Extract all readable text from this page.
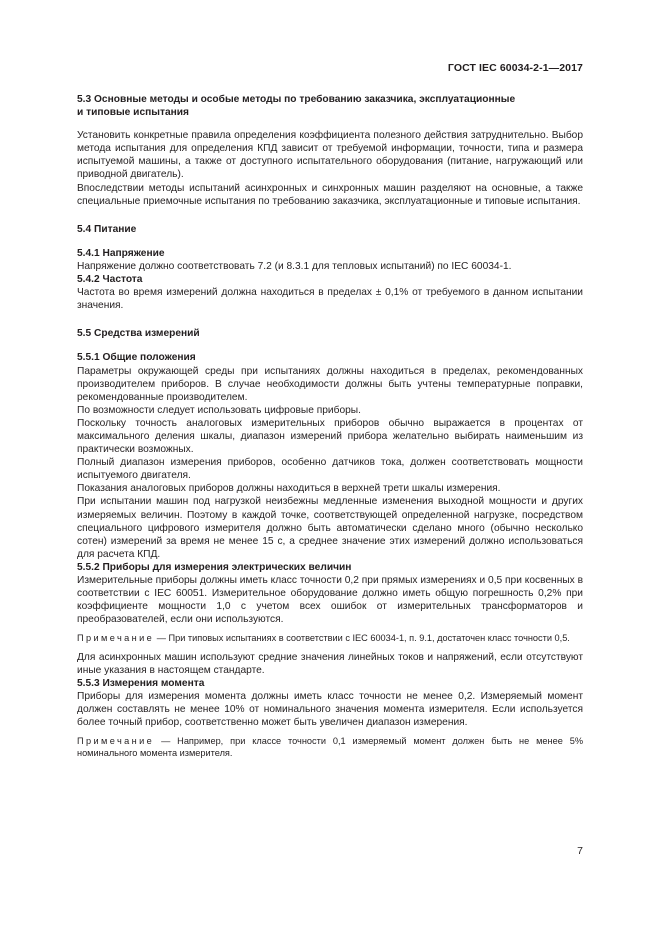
ГОСТ IEC 60034-2-1—2017
5.3 Основные методы и особые методы по требованию заказчика, эксплуатационные
и типовые испытания

Установить конкретные правила определения коэффициента полезного действия затруднительно. Выбор метода испытания для определения КПД зависит от требуемой информации, точности, типа и размера испытуемой машины, а также от доступного испытательного оборудования (питание, нагружающий или приводной двигатель).

Впоследствии методы испытаний асинхронных и синхронных машин разделяют на основные, а также специальные приемочные испытания по требованию заказчика, эксплуатационные и типовые испытания.

5.4 Питание
5.4.1 Напряжение

Напряжение должно соответствовать 7.2 (и 8.3.1 для тепловых испытаний) по IEC 60034-1.

5.4.2 Частота

Частота во время измерений должна находиться в пределах ± 0,1% от требуемого в данном испытании значения.

5.5 Средства измерений
5.5.1 Общие положения

Параметры окружающей среды при испытаниях должны находиться в пределах, рекомендованных производителем приборов. В случае необходимости должны быть учтены температурные поправки, рекомендованные производителем.

По возможности следует использовать цифровые приборы.

Поскольку точность аналоговых измерительных приборов обычно выражается в процентах от максимального деления шкалы, диапазон измерений прибора желательно выбирать наименьшим из практически возможных.

Полный диапазон измерения приборов, особенно датчиков тока, должен соответствовать мощности испытуемого двигателя.

Показания аналоговых приборов должны находиться в верхней трети шкалы измерения.

При испытании машин под нагрузкой неизбежны медленные изменения выходной мощности и других измеряемых величин. Поэтому в каждой точке, соответствующей определенной нагрузке, посредством специального цифрового измерителя должно быть автоматически сделано много (обычно несколько сотен) измерений за время не менее 15 с, а среднее значение этих измерений должно использоваться для расчета КПД.

5.5.2 Приборы для измерения электрических величин

Измерительные приборы должны иметь класс точности 0,2 при прямых измерениях и 0,5 при косвенных в соответствии с IEC 60051. Измерительное оборудование должно иметь общую погрешность 0,2% при коэффициенте мощности 1,0 с учетом всех ошибок от измерительных трансформаторов и преобразователей, если они используются.

Примечание — При типовых испытаниях в соответствии с IEC 60034-1, п. 9.1, достаточен класс точности 0,5.

Для асинхронных машин используют средние значения линейных токов и напряжений, если отсутствуют иные указания в настоящем стандарте.

5.5.3 Измерения момента

Приборы для измерения момента должны иметь класс точности не менее 0,2. Измеряемый момент должен составлять не менее 10% от номинального значения момента измерителя. Если используется более точный прибор, соответственно может быть увеличен диапазон измерения.

Примечание — Например, при классе точности 0,1 измеряемый момент должен быть не менее 5% номинального момента измерителя.

7
